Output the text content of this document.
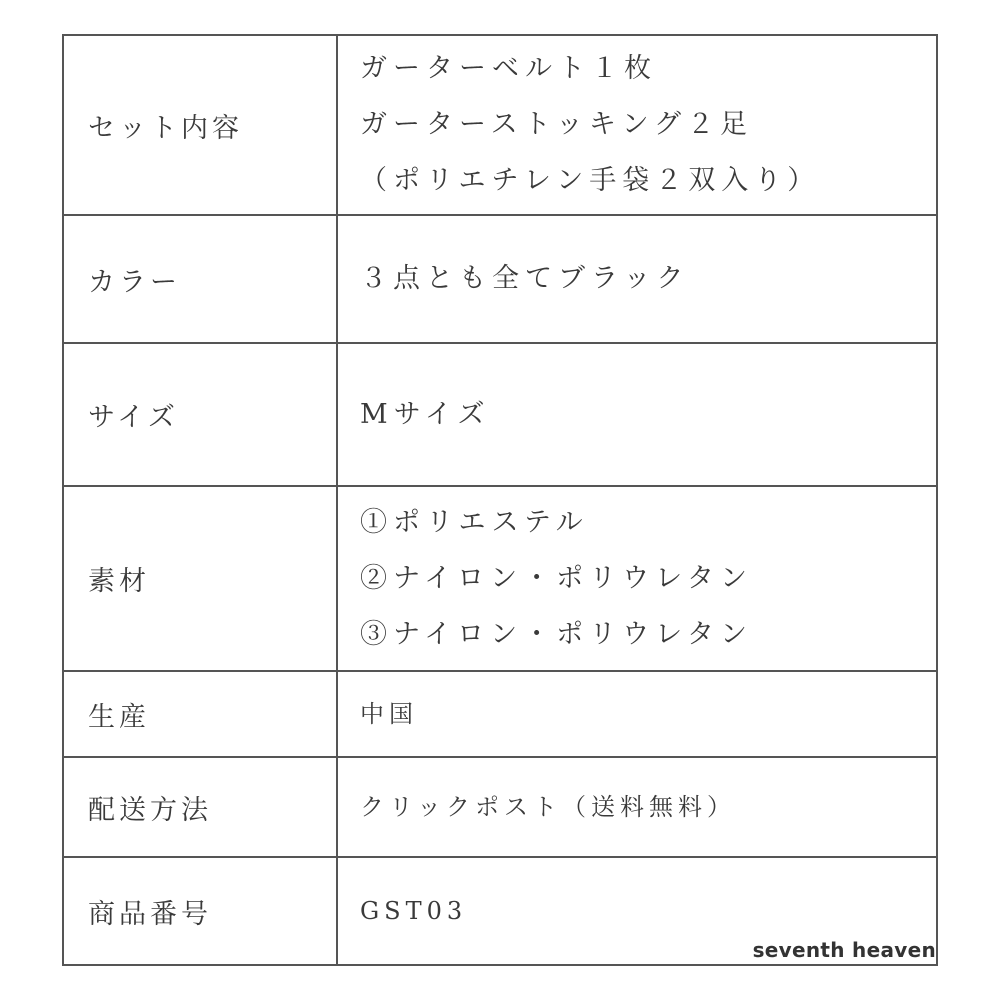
セット内容	ガーターベルト１枚
ガーターストッキング２足
（ポリエチレン手袋２双入り）

カラー	３点とも全てブラック

サイズ	Mサイズ

素材	①ポリエステル
②ナイロン・ポリウレタン
③ナイロン・ポリウレタン

生産	中国

配送方法	クリックポスト（送料無料）

商品番号	GST03
seventh heaven
